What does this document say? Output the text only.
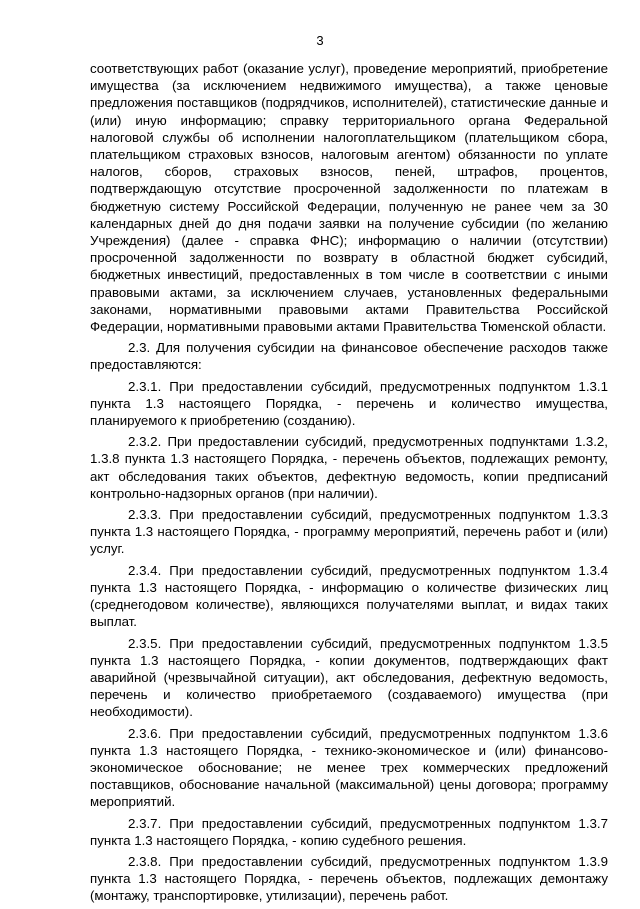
3

соответствующих работ (оказание услуг), проведение мероприятий, приобретение имущества (за исключением недвижимого имущества), а также ценовые предложения поставщиков (подрядчиков, исполнителей), статистические данные и (или) иную информацию; справку территориального органа Федеральной налоговой службы об исполнении налогоплательщиком (плательщиком сбора, плательщиком страховых взносов, налоговым агентом) обязанности по уплате налогов, сборов, страховых взносов, пеней, штрафов, процентов, подтверждающую отсутствие просроченной задолженности по платежам в бюджетную систему Российской Федерации, полученную не ранее чем за 30 календарных дней до дня подачи заявки на получение субсидии (по желанию Учреждения) (далее - справка ФНС); информацию о наличии (отсутствии) просроченной задолженности по возврату в областной бюджет субсидий, бюджетных инвестиций, предоставленных в том числе в соответствии с иными правовыми актами, за исключением случаев, установленных федеральными законами, нормативными правовыми актами Правительства Российской Федерации, нормативными правовыми актами Правительства Тюменской области.

2.3. Для получения субсидии на финансовое обеспечение расходов также предоставляются:

2.3.1. При предоставлении субсидий, предусмотренных подпунктом 1.3.1 пункта 1.3 настоящего Порядка, - перечень и количество имущества, планируемого к приобретению (созданию).

2.3.2. При предоставлении субсидий, предусмотренных подпунктами 1.3.2, 1.3.8 пункта 1.3 настоящего Порядка, - перечень объектов, подлежащих ремонту, акт обследования таких объектов, дефектную ведомость, копии предписаний контрольно-надзорных органов (при наличии).

2.3.3. При предоставлении субсидий, предусмотренных подпунктом 1.3.3 пункта 1.3 настоящего Порядка, - программу мероприятий, перечень работ и (или) услуг.

2.3.4. При предоставлении субсидий, предусмотренных подпунктом 1.3.4 пункта 1.3 настоящего Порядка, - информацию о количестве физических лиц (среднегодовом количестве), являющихся получателями выплат, и видах таких выплат.

2.3.5. При предоставлении субсидий, предусмотренных подпунктом 1.3.5 пункта 1.3 настоящего Порядка, - копии документов, подтверждающих факт аварийной (чрезвычайной ситуации), акт обследования, дефектную ведомость, перечень и количество приобретаемого (создаваемого) имущества (при необходимости).

2.3.6. При предоставлении субсидий, предусмотренных подпунктом 1.3.6 пункта 1.3 настоящего Порядка, - технико-экономическое и (или) финансово-экономическое обоснование; не менее трех коммерческих предложений поставщиков, обоснование начальной (максимальной) цены договора; программу мероприятий.

2.3.7. При предоставлении субсидий, предусмотренных подпунктом 1.3.7 пункта 1.3 настоящего Порядка, - копию судебного решения.

2.3.8. При предоставлении субсидий, предусмотренных подпунктом 1.3.9 пункта 1.3 настоящего Порядка, - перечень объектов, подлежащих демонтажу (монтажу, транспортировке, утилизации), перечень работ.
